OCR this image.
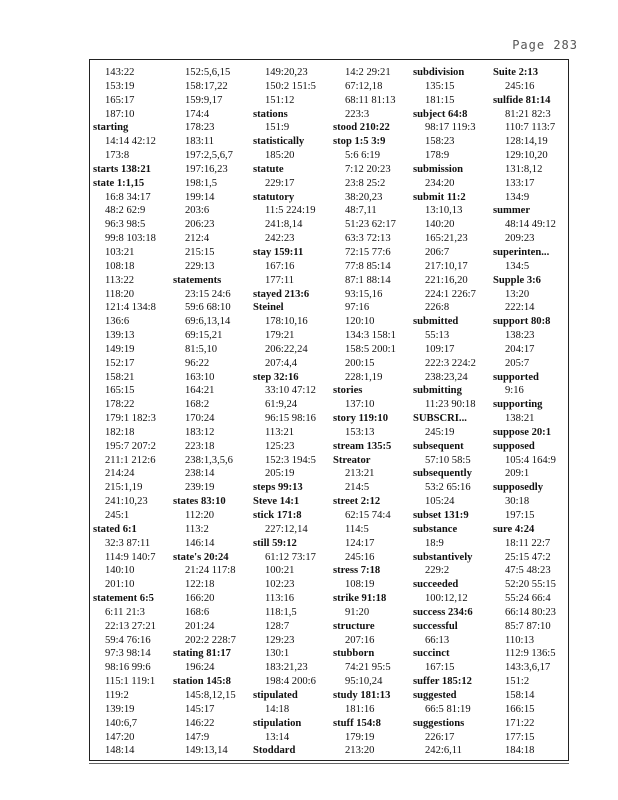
Page 283
143:22
153:19
165:17
187:10
starting
14:14 42:12
173:8
starts 138:21
state 1:1,15
16:8 34:17
48:2 62:9
96:3 98:5
99:8 103:18
103:21
108:18
113:22
118:20
121:4 134:8
136:6
139:13
149:19
152:17
158:21
165:15
178:22
179:1 182:3
182:18
195:7 207:2
211:1 212:6
214:24
215:1,19
241:10,23
245:1
stated 6:1
32:3 87:11
114:9 140:7
140:10
201:10
statement 6:5
6:11 21:3
22:13 27:21
59:4 76:16
97:3 98:14
98:16 99:6
115:1 119:1
119:2
139:19
140:6,7
147:20
148:14
152:5,6,15
158:17,22
159:9,17
174:4
178:23
183:11
197:2,5,6,7
197:16,23
198:1,5
199:14
203:6
206:23
212:4
215:15
229:13
statements
23:15 24:6
59:6 68:10
69:6,13,14
69:15,21
81:5,10
96:22
163:10
164:21
168:2
170:24
183:12
223:18
238:1,3,5,6
238:14
239:19
states 83:10
112:20
113:2
146:14
state's 20:24
21:24 117:8
122:18
166:20
168:6
201:24
202:2 228:7
stating 81:17
196:24
station 145:8
145:8,12,15
145:17
146:22
147:9
149:13,14
149:20,23
150:2 151:5
151:12
stations
151:9
statistically
185:20
statute
229:17
statutory
11:5 224:19
241:8,14
242:23
stay 159:11
167:16
177:11
stayed 213:6
Steinel
178:10,16
179:21
206:22,24
207:4,4
step 32:16
33:10 47:12
61:9,24
96:15 98:16
113:21
125:23
152:3 194:5
205:19
steps 99:13
Steve 14:1
stick 171:8
227:12,14
still 59:12
61:12 73:17
100:21
102:23
113:16
118:1,5
128:7
129:23
130:1
183:21,23
198:4 200:6
stipulated
14:18
stipulation
13:14
Stoddard
14:2 29:21
67:12,18
68:11 81:13
223:3
stood 210:22
stop 1:5 3:9
5:6 6:19
7:12 20:23
23:8 25:2
38:20,23
48:7,11
51:23 62:17
63:3 72:13
72:15 77:6
77:8 85:14
87:1 88:14
93:15,16
97:16
120:10
134:3 158:1
158:5 200:1
200:15
228:1,19
stories
137:10
story 119:10
153:13
stream 135:5
Streator
213:21
214:5
street 2:12
62:15 74:4
114:5
124:17
245:16
stress 7:18
108:19
strike 91:18
91:20
structure
207:16
stubborn
74:21 95:5
95:10,24
study 181:13
181:16
stuff 154:8
179:19
213:20
subdivision
135:15
181:15
subject 64:8
98:17 119:3
158:23
178:9
submission
234:20
submit 11:2
13:10,13
140:20
165:21,23
206:7
217:10,17
221:16,20
224:1 226:7
226:8
submitted
55:13
109:17
222:3 224:2
238:23,24
submitting
11:23 90:18
SUBSCRI...
245:19
subsequent
57:10 58:5
subsequently
53:2 65:16
105:24
subset 131:9
substance
18:9
substantively
229:2
succeeded
100:12,12
success 234:6
successful
66:13
succinct
167:15
suffer 185:12
suggested
66:5 81:19
suggestions
226:17
242:6,11
Suite 2:13
245:16
sulfide 81:14
81:21 82:3
110:7 113:7
128:14,19
129:10,20
131:8,12
133:17
134:9
summer
48:14 49:12
209:23
superinten...
134:5
Supple 3:6
13:20
222:14
support 80:8
138:23
204:17
205:7
supported
9:16
supporting
138:21
suppose 20:1
supposed
105:4 164:9
209:1
supposedly
30:18
197:15
sure 4:24
18:11 22:7
25:15 47:2
47:5 48:23
52:20 55:15
55:24 66:4
66:14 80:23
85:7 87:10
110:13
112:9 136:5
143:3,6,17
151:2
158:14
166:15
171:22
177:15
184:18
